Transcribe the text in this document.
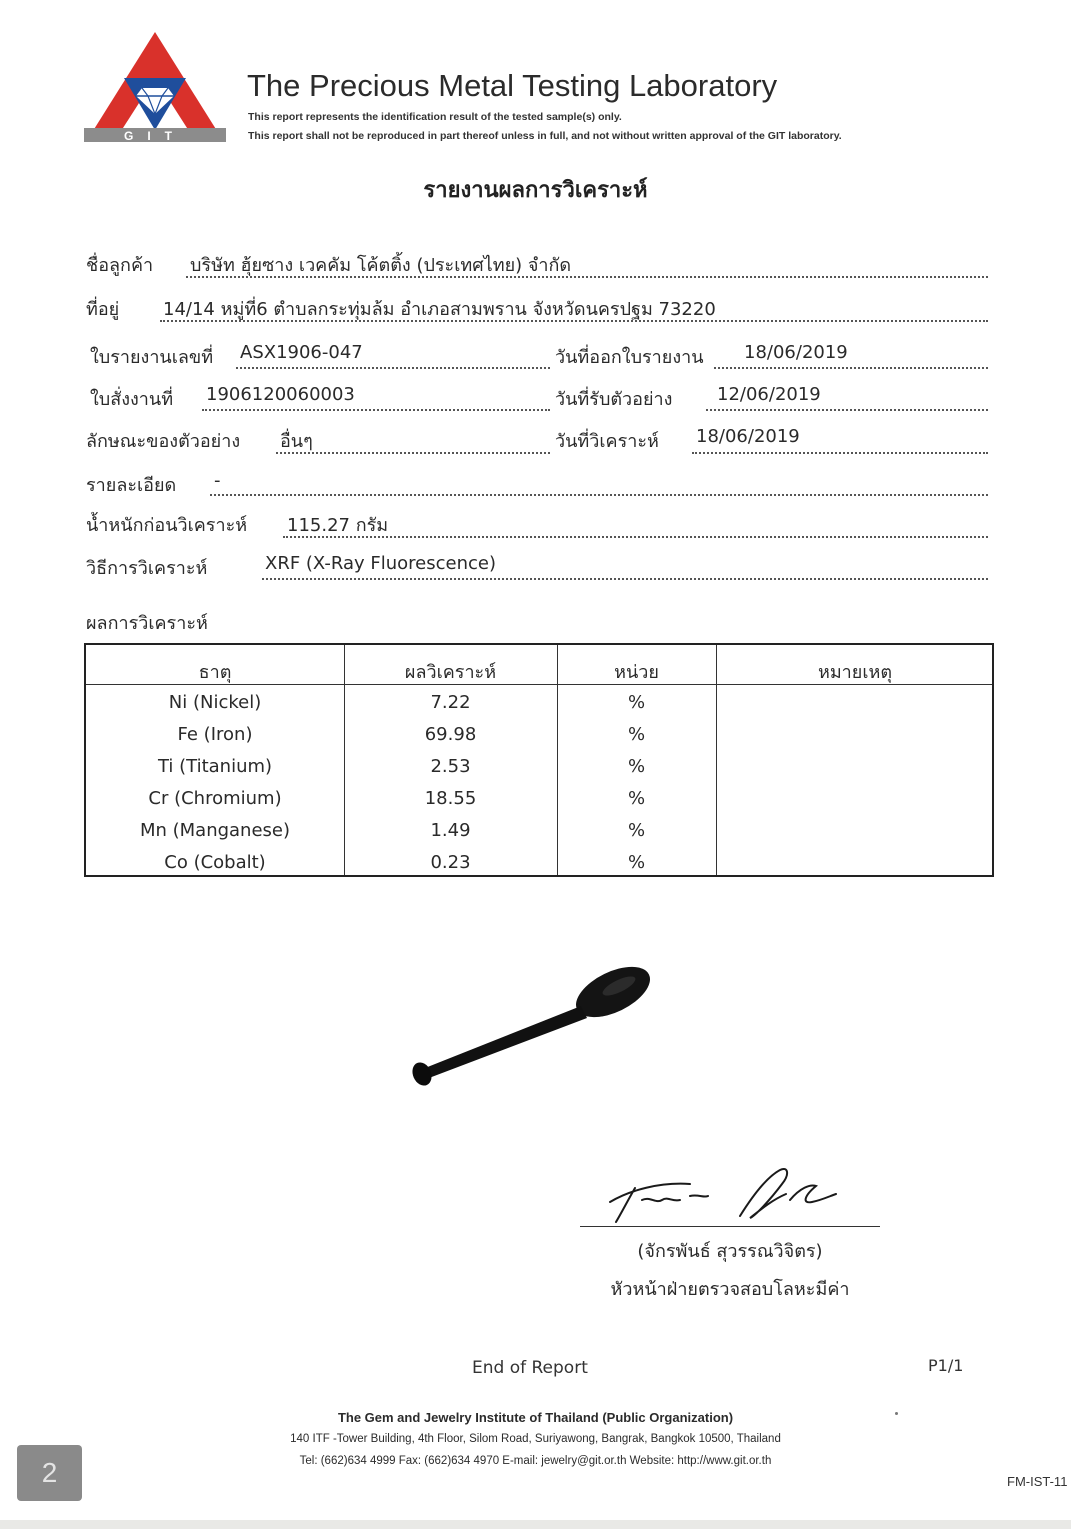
GIT
The Precious Metal Testing Laboratory
This report represents the identification result of the tested sample(s) only.
This report shall not be reproduced in part thereof unless in full, and not without written approval of the GIT laboratory.
รายงานผลการวิเคราะห์
ชื่อลูกค้า บริษัท ฮุ้ยซาง เวคคัม โค้ตติ้ง (ประเทศไทย) จำกัด
ที่อยู่ 14/14 หมู่ที่6 ตำบลกระทุ่มล้ม อำเภอสามพราน จังหวัดนครปฐม 73220
ใบรายงานเลขที่ ASX1906-047	วันที่ออกใบรายงาน 18/06/2019
ใบสั่งงานที่ 1906120060003	วันที่รับตัวอย่าง 12/06/2019
ลักษณะของตัวอย่าง อื่นๆ	วันที่วิเคราะห์ 18/06/2019
รายละเอียด -
น้ำหนักก่อนวิเคราะห์ 115.27 กรัม
วิธีการวิเคราะห์	XRF (X-Ray Fluorescence)
ผลการวิเคราะห์
ธาตุ	ผลวิเคราะห์	หน่วย	หมายเหตุ
Ni (Nickel)	7.22	%
Fe (Iron)	69.98	%
Ti (Titanium)	2.53	%
Cr (Chromium)	18.55	%
Mn (Manganese)	1.49	%
Co (Cobalt)	0.23	%
(จักรพันธ์ สุวรรณวิจิตร)
หัวหน้าฝ่ายตรวจสอบโลหะมีค่า
End of Report	P1/1
The Gem and Jewelry Institute of Thailand (Public Organization)
140 ITF -Tower Building, 4th Floor, Silom Road, Suriyawong, Bangrak, Bangkok 10500, Thailand
Tel: (662)634 4999 Fax: (662)634 4970 E-mail: jewelry@git.or.th Website: http://www.git.or.th
FM-IST-11
2
